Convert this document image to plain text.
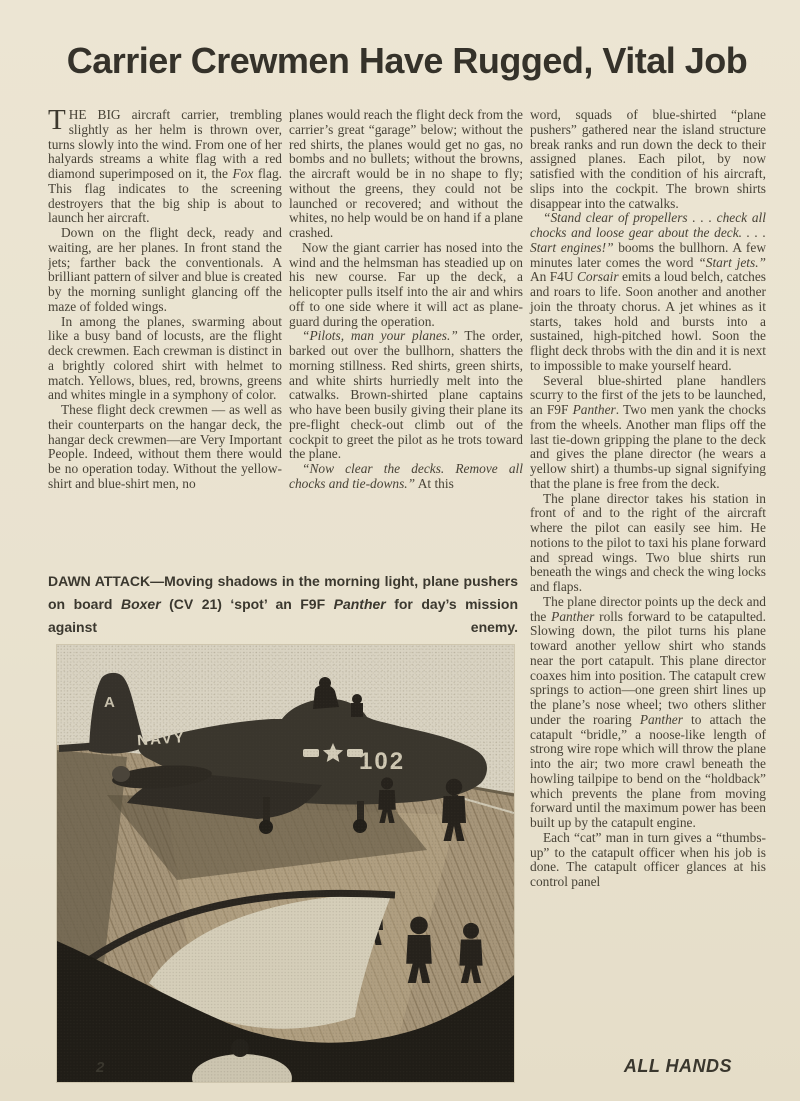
Carrier Crewmen Have Rugged, Vital Job

THE BIG aircraft carrier, trembling slightly as her helm is thrown over, turns slowly into the wind. From one of her halyards streams a white flag with a red diamond superimposed on it, the Fox flag. This flag indicates to the screening destroyers that the big ship is about to launch her aircraft.

Down on the flight deck, ready and waiting, are her planes. In front stand the jets; farther back the conventionals. A brilliant pattern of silver and blue is created by the morning sunlight glancing off the maze of folded wings.

In among the planes, swarming about like a busy band of locusts, are the flight deck crewmen. Each crewman is distinct in a brightly colored shirt with helmet to match. Yellows, blues, red, browns, greens and whites mingle in a symphony of color.

These flight deck crewmen — as well as their counterparts on the hangar deck, the hangar deck crewmen—are Very Important People. Indeed, without them there would be no operation today. Without the yellow-shirt and blue-shirt men, no

planes would reach the flight deck from the carrier’s great “garage” below; without the red shirts, the planes would get no gas, no bombs and no bullets; without the browns, the aircraft would be in no shape to fly; without the greens, they could not be launched or recovered; and without the whites, no help would be on hand if a plane crashed.

Now the giant carrier has nosed into the wind and the helmsman has steadied up on his new course. Far up the deck, a helicopter pulls itself into the air and whirs off to one side where it will act as plane-guard during the operation.

“Pilots, man your planes.” The order, barked out over the bullhorn, shatters the morning stillness. Red shirts, green shirts, and white shirts hurriedly melt into the catwalks. Brown-shirted plane captains who have been busily giving their plane its pre-flight check-out climb out of the cockpit to greet the pilot as he trots toward the plane.

“Now clear the decks. Remove all chocks and tie-downs.” At this

DAWN ATTACK—Moving shadows in the morning light, plane pushers on board Boxer (CV 21) ‘spot’ an F9F Panther for day’s mission against enemy.
A
NAVY
102

word, squads of blue-shirted “plane pushers” gathered near the island structure break ranks and run down the deck to their assigned planes. Each pilot, by now satisfied with the condition of his aircraft, slips into the cockpit. The brown shirts disappear into the catwalks.

“Stand clear of propellers . . . check all chocks and loose gear about the deck. . . . Start engines!” booms the bullhorn. A few minutes later comes the word “Start jets.” An F4U Corsair emits a loud belch, catches and roars to life. Soon another and another join the throaty chorus. A jet whines as it starts, takes hold and bursts into a sustained, high-pitched howl. Soon the flight deck throbs with the din and it is next to impossible to make yourself heard.

Several blue-shirted plane handlers scurry to the first of the jets to be launched, an F9F Panther. Two men yank the chocks from the wheels. Another man flips off the last tie-down gripping the plane to the deck and gives the plane director (he wears a yellow shirt) a thumbs-up signal signifying that the plane is free from the deck.

The plane director takes his station in front of and to the right of the aircraft where the pilot can easily see him. He notions to the pilot to taxi his plane forward and spread wings. Two blue shirts run beneath the wings and check the wing locks and flaps.

The plane director points up the deck and the Panther rolls forward to be catapulted. Slowing down, the pilot turns his plane toward another yellow shirt who stands near the port catapult. This plane director coaxes him into position. The catapult crew springs to action—one green shirt lines up the plane’s nose wheel; two others slither under the roaring Panther to attach the catapult “bridle,” a noose-like length of strong wire rope which will throw the plane into the air; two more crawl beneath the howling tailpipe to bend on the “holdback” which prevents the plane from moving forward until the maximum power has been built up by the catapult engine.

Each “cat” man in turn gives a “thumbs-up” to the catapult officer when his job is done. The catapult officer glances at his control panel

2	ALL HANDS
